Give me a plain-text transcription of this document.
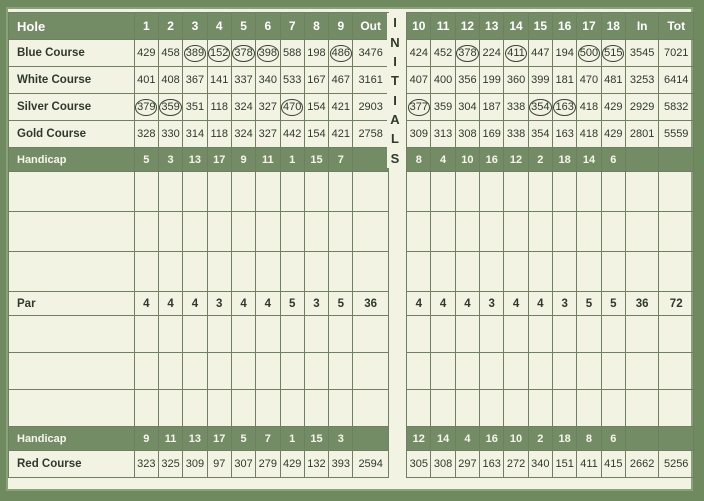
Hole	1	2	3	4	5	6	7	8	9	Out		10	11	12	13	14	15	16	17	18	In	Tot
Blue Course	429	458	389	152	378	398	588	198	486	3476		424	452	378	224	411	447	194	500	515	3545	7021
White Course	401	408	367	141	337	340	533	167	467	3161		407	400	356	199	360	399	181	470	481	3253	6414
Silver Course	379	359	351	118	324	327	470	154	421	2903		377	359	304	187	338	354	163	418	429	2929	5832
Gold Course	328	330	314	118	324	327	442	154	421	2758		309	313	308	169	338	354	163	418	429	2801	5559
Handicap	5	3	13	17	9	11	1	15	7			8	4	10	16	12	2	18	14	6		

Par	4	4	4	3	4	4	5	3	5	36		4	4	4	3	4	4	3	5	5	36	72

Handicap	9	11	13	17	5	7	1	15	3			12	14	4	16	10	2	18	8	6		
Red Course	323	325	309	97	307	279	429	132	393	2594		305	308	297	163	272	340	151	411	415	2662	5256
I
N
I
T
I
A
L
S
